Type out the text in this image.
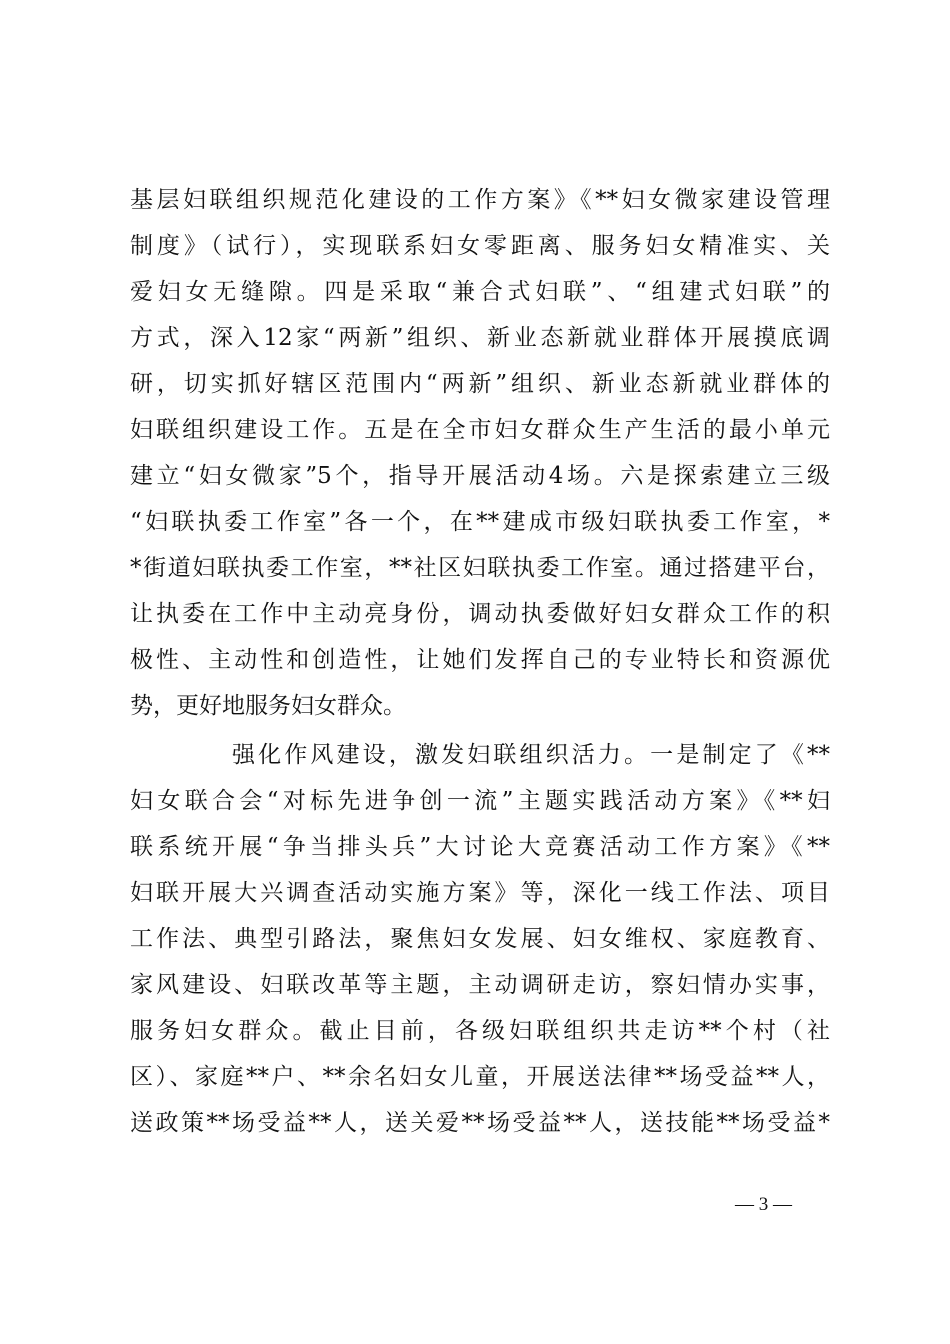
基层妇联组织规范化建设的工作方案》《**妇女微家建设管理
制度》（试行），实现联系妇女零距离、服务妇女精准实、关
爱妇女无缝隙。四是采取“兼合式妇联”、“组建式妇联”的
方式，深入12家“两新”组织、新业态新就业群体开展摸底调
研，切实抓好辖区范围内“两新”组织、新业态新就业群体的
妇联组织建设工作。五是在全市妇女群众生产生活的最小单元
建立“妇女微家”5个，指导开展活动4场。六是探索建立三级
“妇联执委工作室”各一个，在**建成市级妇联执委工作室，*
*街道妇联执委工作室，**社区妇联执委工作室。通过搭建平台，
让执委在工作中主动亮身份，调动执委做好妇女群众工作的积
极性、主动性和创造性，让她们发挥自己的专业特长和资源优
势，更好地服务妇女群众。
强化作风建设，激发妇联组织活力。一是制定了《**
妇女联合会“对标先进争创一流”主题实践活动方案》《**妇
联系统开展“争当排头兵”大讨论大竞赛活动工作方案》《**
妇联开展大兴调查活动实施方案》等，深化一线工作法、项目
工作法、典型引路法，聚焦妇女发展、妇女维权、家庭教育、
家风建设、妇联改革等主题，主动调研走访，察妇情办实事，
服务妇女群众。截止目前，各级妇联组织共走访**个村（社
区）、家庭**户、**余名妇女儿童，开展送法律**场受益**人，
送政策**场受益**人，送关爱**场受益**人，送技能**场受益*
— 3 —
